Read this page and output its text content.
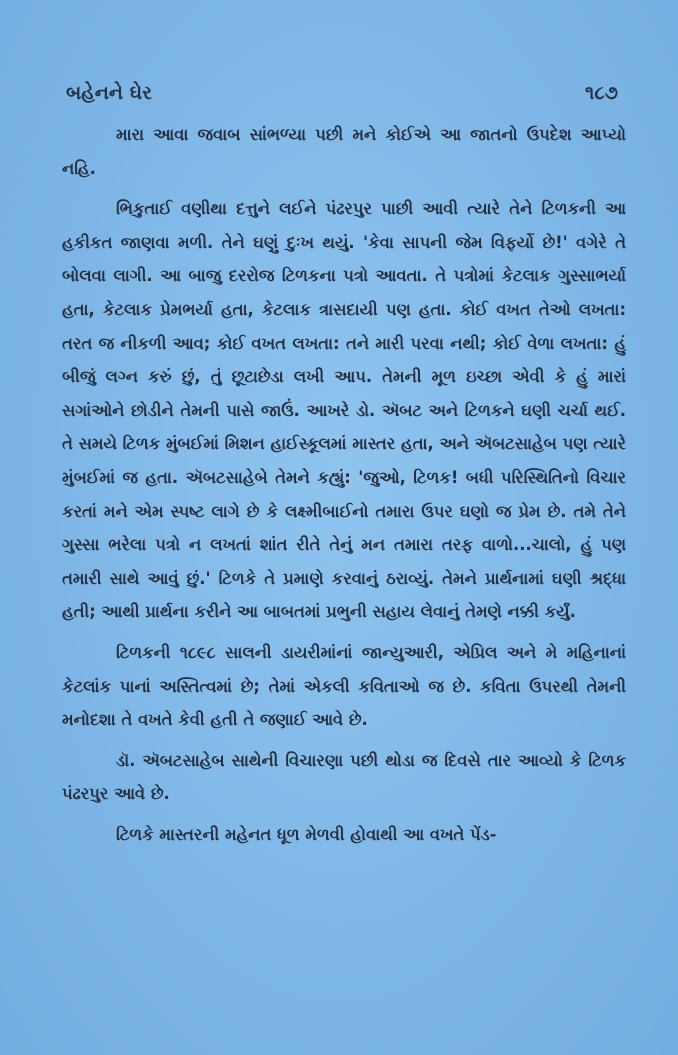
બહેનને ઘેર	૧૮૭

મારા આવા જવાબ સાંભળ્યા પછી મને કોઈએ આ જાતનો ઉપદેશ આપ્યો નહિ.

ભિકુતાઈ વણીથા દત્તુને લઈને પંઢરપુર પાછી આવી ત્યારે તેને ટિળકની આ હકીકત જાણવા મળી. તેને ઘણું દુઃખ થયું. 'કેવા સાપની જેમ વિફર્યો છે!' વગેરે તે બોલવા લાગી. આ બાજુ દરરોજ ટિળકના પત્રો આવતા. તે પત્રોમાં કેટલાક ગુસ્સાભર્યા હતા, કેટલાક પ્રેમભર્યા હતા, કેટલાક ત્રાસદાયી પણ હતા. કોઈ વખત તેઓ લખતા: તરત જ નીકળી આવ; કોઈ વખત લખતા: તને મારી પરવા નથી; કોઈ વેળા લખતા: હું બીજું લગ્ન કરું છું, તું છૂટાછેડા લખી આપ. તેમની મૂળ ઇચ્છા એવી કે હું મારાં સગાંઓને છોડીને તેમની પાસે જાઉં. આખરે ડો. ઍબટ અને ટિળકને ઘણી ચર્ચા થઈ. તે સમયે ટિળક મુંબઈમાં મિશન હાઈસ્કૂલમાં માસ્તર હતા, અને ઍબટસાહેબ પણ ત્યારે મુંબઈમાં જ હતા. ઍબટસાહેબે તેમને કહ્યું: 'જુઓ, ટિળક! બધી પરિસ્થિતિનો વિચાર કરતાં મને એમ સ્પષ્ટ લાગે છે કે લક્ષ્મીબાઈનો તમારા ઉપર ઘણો જ પ્રેમ છે. તમે તેને ગુસ્સા ભરેલા પત્રો ન લખતાં શાંત રીતે તેનું મન તમારા તરફ વાળો...ચાલો, હું પણ તમારી સાથે આવું છું.' ટિળકે તે પ્રમાણે કરવાનું ઠરાવ્યું. તેમને પ્રાર્થનામાં ઘણી શ્રદ્ધા હતી; આથી પ્રાર્થના કરીને આ બાબતમાં પ્રભુની સહાય લેવાનું તેમણે નક્કી કર્યું.

ટિળકની ૧૮૯૮ સાલની ડાયરીમાંનાં જાન્યુઆરી, એપ્રિલ અને મે મહિનાનાં કેટલાંક પાનાં અસ્તિત્વમાં છે; તેમાં એકલી કવિતાઓ જ છે. કવિતા ઉપરથી તેમની મનોદશા તે વખતે કેવી હતી તે જણાઈ આવે છે.

ડૉ. ઍબટસાહેબ સાથેની વિચારણા પછી થોડા જ દિવસે તાર આવ્યો કે ટિળક પંઢરપુર આવે છે.

ટિળકે માસ્તરની મહેનત ધૂળ મેળવી હોવાથી આ વખતે પેંડ-
